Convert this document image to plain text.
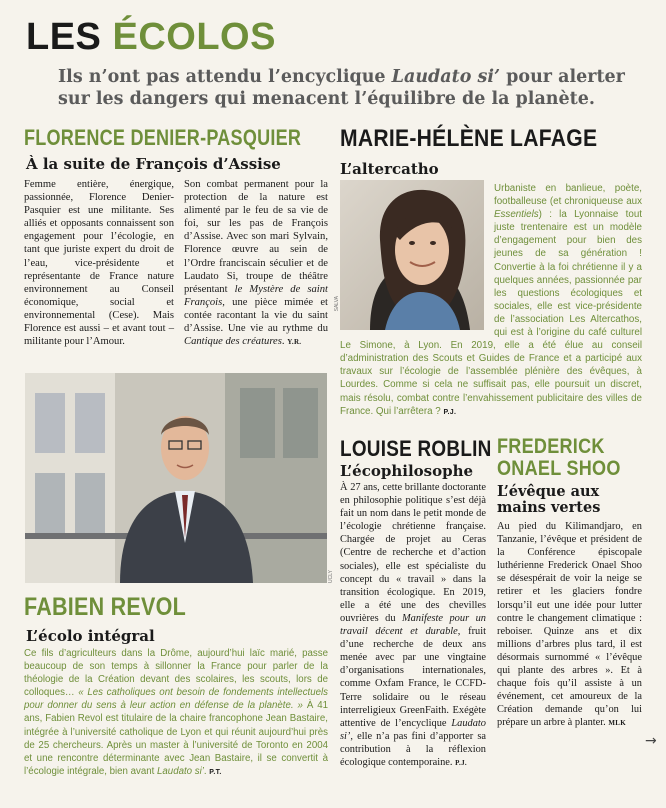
LES ÉCOLOS
Ils n’ont pas attendu l’encyclique Laudato si’ pour alerter sur les dangers qui menacent l’équilibre de la planète.
FLORENCE DENIER-PASQUIER
À la suite de François d’Assise
Femme entière, énergique, passionnée, Florence Denier-Pasquier est une militante. Ses alliés et opposants connaissent son engagement pour l’écologie, en tant que juriste expert du droit de l’eau, vice-présidente et représentante de France nature environnement au Conseil économique, social et environnemental (Cese). Mais Florence est aussi – et avant tout – militante pour l’Amour.
Son combat permanent pour la protection de la nature est alimenté par le feu de sa vie de foi, sur les pas de François d’Assise. Avec son mari Sylvain, Florence œuvre au sein de l’Ordre franciscain séculier et de Laudato Si, troupe de théâtre présentant le Mystère de saint François, une pièce mimée et contée racontant la vie du saint d’Assise. Une vie au rythme du Cantique des créatures. Y.R.
MARIE-HÉLÈNE LAFAGE
L’altercatho
SALVA
Urbaniste en banlieue, poète, footballeuse (et chroniqueuse aux Essentiels) : la Lyonnaise tout juste trentenaire est un modèle d’engagement pour bien des jeunes de sa génération ! Convertie à la foi chrétienne il y a quelques années, passionnée par les questions écologiques et sociales, elle est vice-présidente de l’association Les Altercathos, qui est à l’origine du café culturel Le Simone, à Lyon. En 2019, elle a été élue au conseil d’administration des Scouts et Guides de France et a participé aux travaux sur l’écologie de l’assemblée plénière des évêques, à Lourdes. Comme si cela ne suffisait pas, elle poursuit un discret, mais résolu, combat contre l’envahissement publicitaire des villes de France. Qui l’arrêtera ? P.J.
UCLY
FABIEN REVOL
L’écolo intégral
Ce fils d’agriculteurs dans la Drôme, aujourd’hui laïc marié, passe beaucoup de son temps à sillonner la France pour parler de la théologie de la Création devant des scolaires, les scouts, lors de colloques… « Les catholiques ont besoin de fondements intellectuels pour donner du sens à leur action en défense de la planète. » À 41 ans, Fabien Revol est titulaire de la chaire francophone Jean Bastaire, intégrée à l’université catholique de Lyon et qui réunit aujourd’hui près de 25 chercheurs. Après un master à l’université de Toronto en 2004 et une rencontre déterminante avec Jean Bastaire, il se convertit à l’écologie intégrale, bien avant Laudato si’. P.T.
LOUISE ROBLIN
L’écophilosophe
À 27 ans, cette brillante doctorante en philosophie politique s’est déjà fait un nom dans le petit monde de l’écologie chrétienne française. Chargée de projet au Ceras (Centre de recherche et d’action sociales), elle est spécialiste du concept du « travail » dans la transition écologique. En 2019, elle a été une des chevilles ouvrières du Manifeste pour un travail décent et durable, fruit d’une recherche de deux ans menée avec par une vingtaine d’organisations internationales, comme Oxfam France, le CCFD-Terre solidaire ou le réseau interreligieux GreenFaith. Exégète attentive de l’encyclique Laudato si’, elle n’a pas fini d’apporter sa contribution à la réflexion écologique contemporaine. P.J.
FREDERICK
ONAEL SHOO
L’évêque aux mains vertes
Au pied du Kilimandjaro, en Tanzanie, l’évêque et président de la Conférence épiscopale luthérienne Frederick Onael Shoo se désespérait de voir la neige se retirer et les glaciers fondre lorsqu’il eut une idée pour lutter contre le changement climatique : reboiser. Quinze ans et dix millions d’arbres plus tard, il est désormais surnommé « l’évêque qui plante des arbres ». Et à chaque fois qu’il assiste à un événement, cet amoureux de la Création demande qu’on lui prépare un arbre à planter. MLK
→
